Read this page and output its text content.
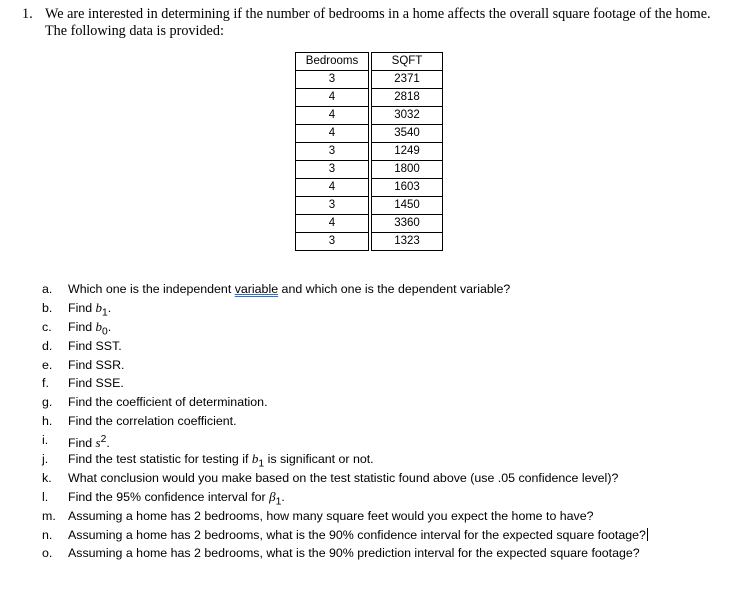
1. We are interested in determining if the number of bedrooms in a home affects the overall square footage of the home.
The following data is provided:
Bedrooms		SQFT
3		2371
4		2818
4		3032
4		3540
3		1249
3		1800
4		1603
3		1450
4		3360
3		1323
a. Which one is the independent variable and which one is the dependent variable?
b. Find $b_1$.
c. Find $b_0$.
d. Find SST.
e. Find SSR.
f. Find SSE.
g. Find the coefficient of determination.
h. Find the correlation coefficient.
i. Find $s^2$.
j. Find the test statistic for testing if $b_1$ is significant or not.
k. What conclusion would you make based on the test statistic found above (use .05 confidence level)?
l. Find the 95% confidence interval for $\beta_1$.
m. Assuming a home has 2 bedrooms, how many square feet would you expect the home to have?
n. Assuming a home has 2 bedrooms, what is the 90% confidence interval for the expected square footage?
o. Assuming a home has 2 bedrooms, what is the 90% prediction interval for the expected square footage?
